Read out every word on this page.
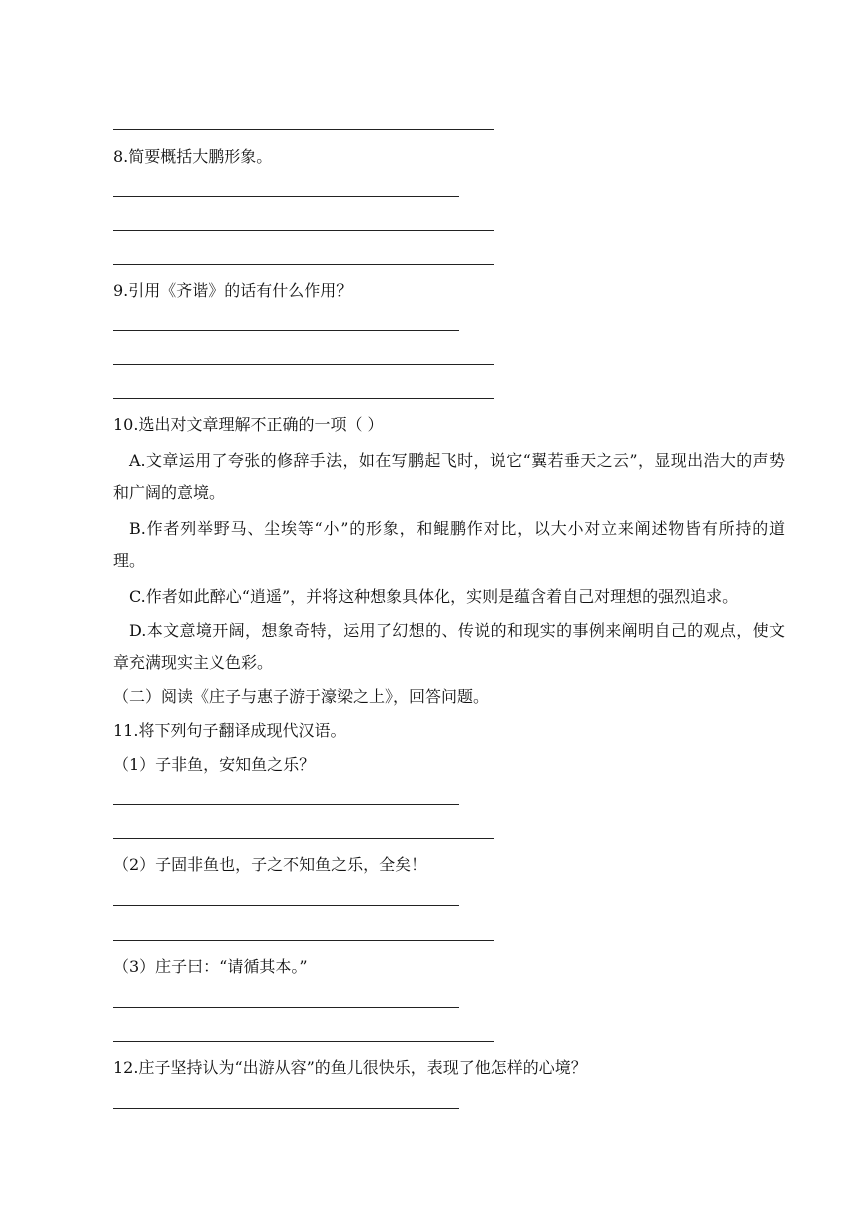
8.简要概括大鹏形象。
9.引用《齐谐》的话有什么作用？
10.选出对文章理解不正确的一项（ ）
A.文章运用了夸张的修辞手法，如在写鹏起飞时，说它“翼若垂天之云”，显现出浩大的声势和广阔的意境。
B.作者列举野马、尘埃等“小”的形象，和鲲鹏作对比，以大小对立来阐述物皆有所持的道理。
C.作者如此醉心“逍遥”，并将这种想象具体化，实则是蕴含着自己对理想的强烈追求。
D.本文意境开阔，想象奇特，运用了幻想的、传说的和现实的事例来阐明自己的观点，使文章充满现实主义色彩。
（二）阅读《庄子与惠子游于濠梁之上》，回答问题。
11.将下列句子翻译成现代汉语。
（1）子非鱼，安知鱼之乐？
（2）子固非鱼也，子之不知鱼之乐，全矣！
（3）庄子曰：“请循其本。”
12.庄子坚持认为“出游从容”的鱼儿很快乐，表现了他怎样的心境？
